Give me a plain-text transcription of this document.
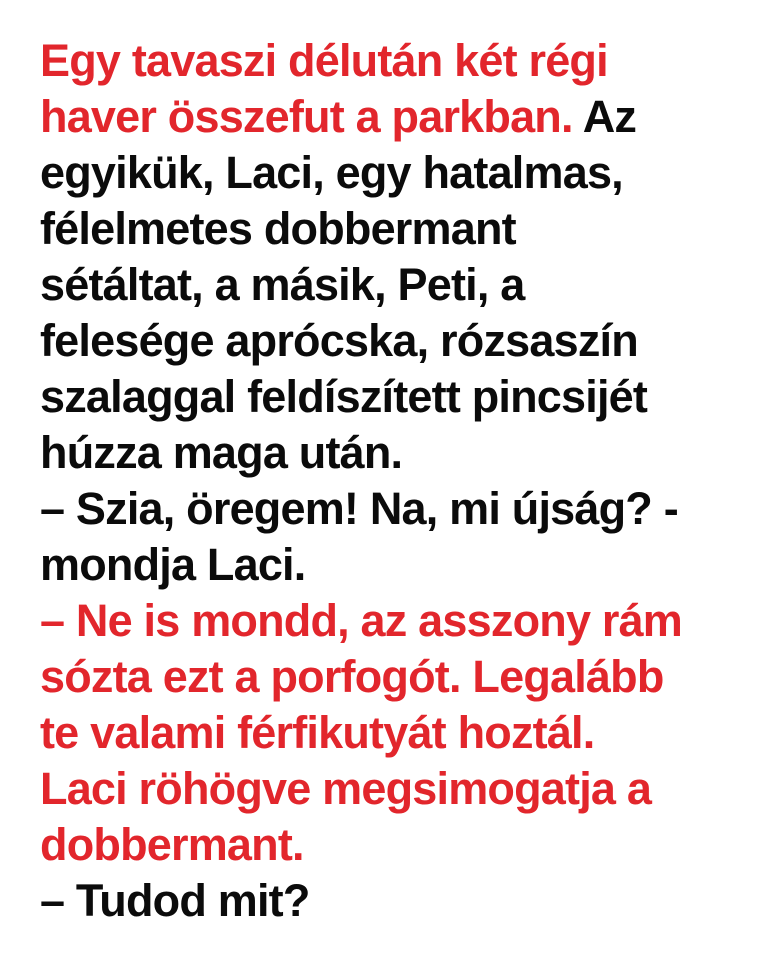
Egy tavaszi délután két régi
haver összefut a parkban. Az
egyikük, Laci, egy hatalmas,
félelmetes dobbermant
sétáltat, a másik, Peti, a
felesége aprócska, rózsaszín
szalaggal feldíszített pincsijét
húzza maga után.
– Szia, öregem! Na, mi újság? -
mondja Laci.
– Ne is mondd, az asszony rám
sózta ezt a porfogót. Legalább
te valami férfikutyát hoztál.
Laci röhögve megsimogatja a
dobbermant.
– Tudod mit?
